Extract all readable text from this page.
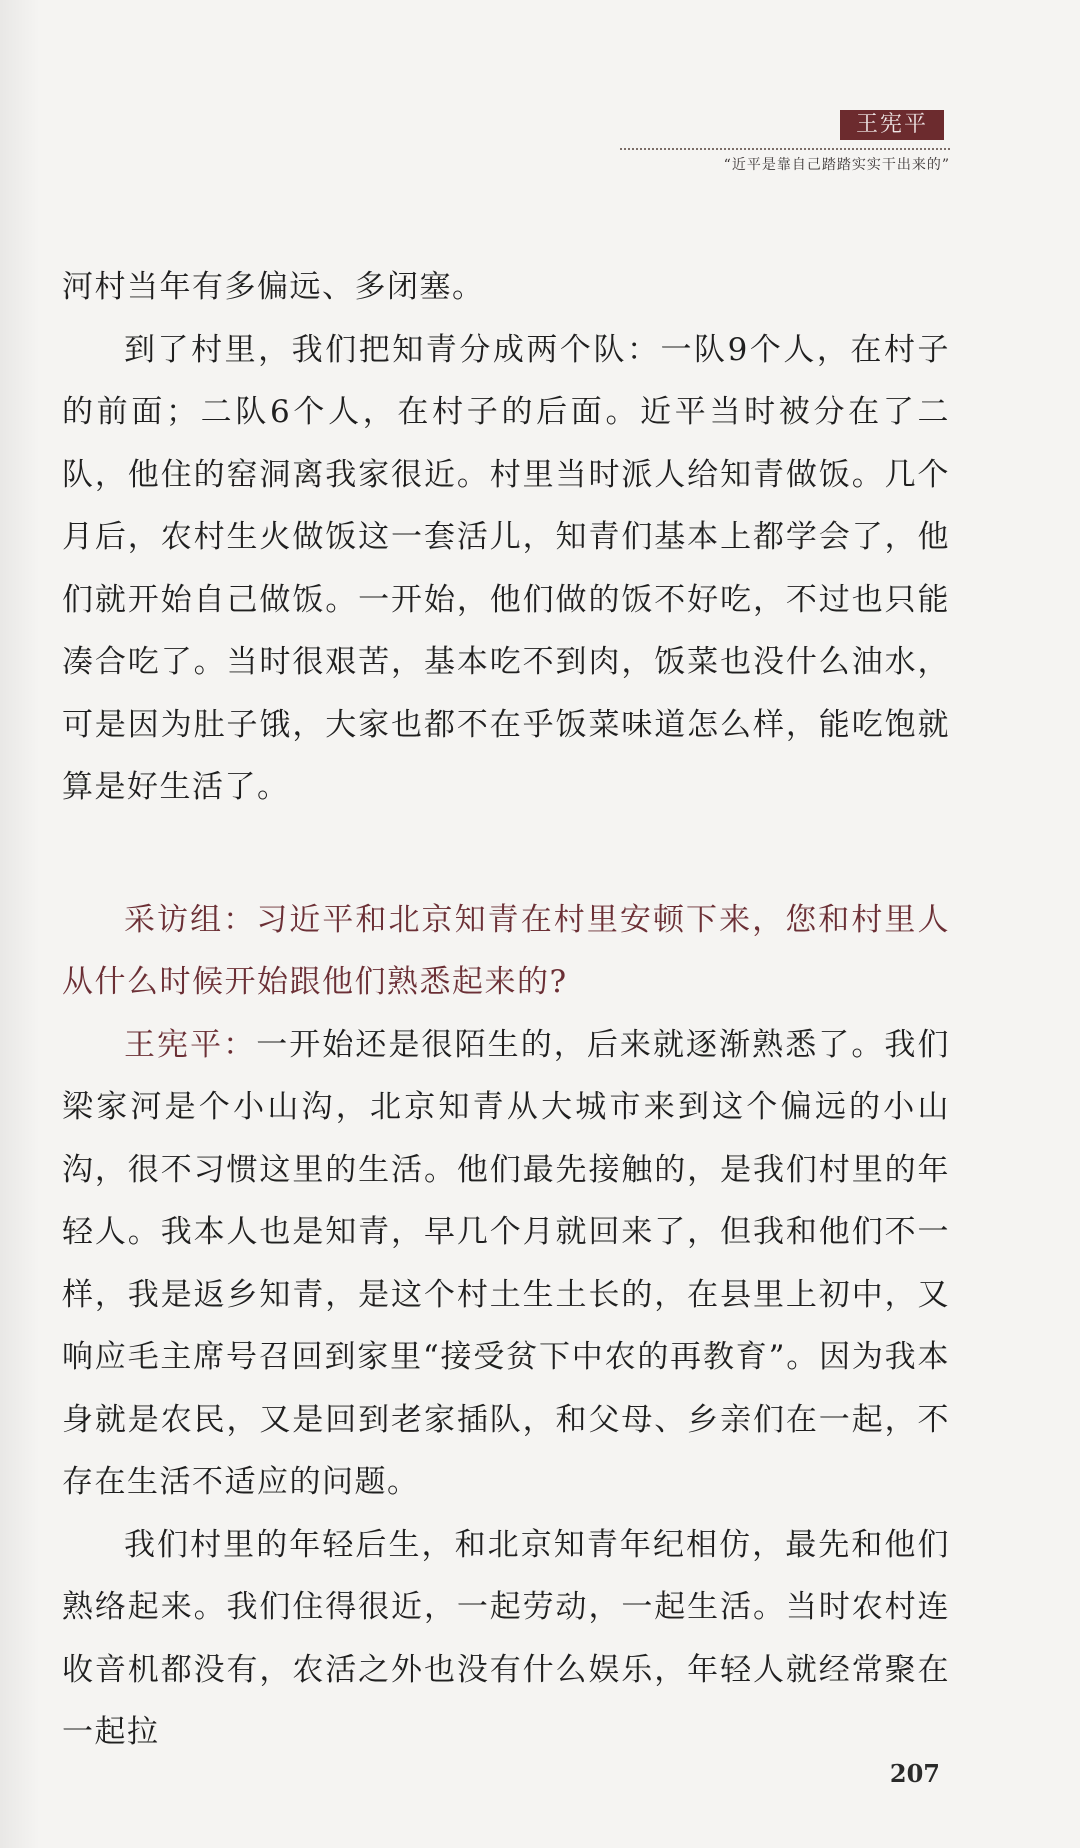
王宪平
“近平是靠自己踏踏实实干出来的”

河村当年有多偏远、多闭塞。

到了村里，我们把知青分成两个队：一队9个人，在村子的前面；二队6个人，在村子的后面。近平当时被分在了二队，他住的窑洞离我家很近。村里当时派人给知青做饭。几个月后，农村生火做饭这一套活儿，知青们基本上都学会了，他们就开始自己做饭。一开始，他们做的饭不好吃，不过也只能凑合吃了。当时很艰苦，基本吃不到肉，饭菜也没什么油水，可是因为肚子饿，大家也都不在乎饭菜味道怎么样，能吃饱就算是好生活了。

采访组：习近平和北京知青在村里安顿下来，您和村里人从什么时候开始跟他们熟悉起来的?

王宪平：一开始还是很陌生的，后来就逐渐熟悉了。我们梁家河是个小山沟，北京知青从大城市来到这个偏远的小山沟，很不习惯这里的生活。他们最先接触的，是我们村里的年轻人。我本人也是知青，早几个月就回来了，但我和他们不一样，我是返乡知青，是这个村土生土长的，在县里上初中，又响应毛主席号召回到家里“接受贫下中农的再教育”。因为我本身就是农民，又是回到老家插队，和父母、乡亲们在一起，不存在生活不适应的问题。

我们村里的年轻后生，和北京知青年纪相仿，最先和他们熟络起来。我们住得很近，一起劳动，一起生活。当时农村连收音机都没有，农活之外也没有什么娱乐，年轻人就经常聚在一起拉

207
